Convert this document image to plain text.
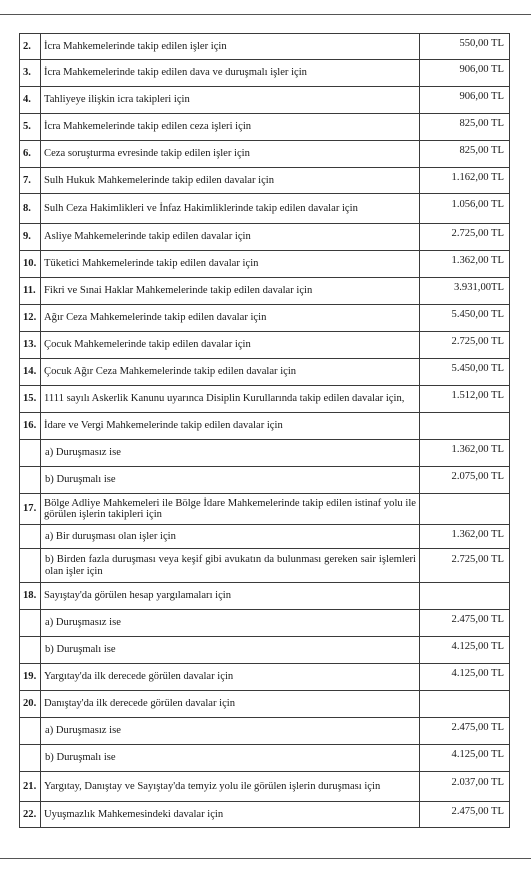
2.	İcra Mahkemelerinde takip edilen işler için	550,00 TL
3.	İcra Mahkemelerinde takip edilen dava ve duruşmalı işler için	906,00 TL
4.	Tahliyeye ilişkin icra takipleri için	906,00 TL
5.	İcra Mahkemelerinde takip edilen ceza işleri için	825,00 TL
6.	Ceza soruşturma evresinde takip edilen işler için	825,00 TL
7.	Sulh Hukuk Mahkemelerinde takip edilen davalar için	1.162,00 TL
8.	Sulh Ceza Hakimlikleri ve İnfaz Hakimliklerinde takip edilen davalar için	1.056,00 TL
9.	Asliye Mahkemelerinde takip edilen davalar için	2.725,00 TL
10.	Tüketici Mahkemelerinde takip edilen davalar için	1.362,00 TL
11.	Fikri ve Sınai Haklar Mahkemelerinde takip edilen davalar için	3.931,00TL
12.	Ağır Ceza Mahkemelerinde takip edilen davalar için	5.450,00 TL
13.	Çocuk Mahkemelerinde takip edilen davalar için	2.725,00 TL
14.	Çocuk Ağır Ceza Mahkemelerinde takip edilen davalar için	5.450,00 TL
15.	1111 sayılı Askerlik Kanunu uyarınca Disiplin Kurullarında takip edilen davalar için,	1.512,00 TL
16.	İdare ve Vergi Mahkemelerinde takip edilen davalar için	
	a) Duruşmasız ise	1.362,00 TL
	b) Duruşmalı ise	2.075,00 TL
17.	Bölge Adliye Mahkemeleri ile Bölge İdare Mahkemelerinde takip edilen istinaf yolu ile görülen işlerin takipleri için	
	a) Bir duruşması olan işler için	1.362,00 TL
	b) Birden fazla duruşması veya keşif gibi avukatın da bulunması gereken sair işlemleri olan işler için	2.725,00 TL
18.	Sayıştay'da görülen hesap yargılamaları için	
	a) Duruşmasız ise	2.475,00 TL
	b) Duruşmalı ise	4.125,00 TL
19.	Yargıtay'da ilk derecede görülen davalar için	4.125,00 TL
20.	Danıştay'da ilk derecede görülen davalar için	
	a) Duruşmasız ise	2.475,00 TL
	b) Duruşmalı ise	4.125,00 TL
21.	Yargıtay, Danıştay ve Sayıştay'da temyiz yolu ile görülen işlerin duruşması için	2.037,00 TL
22.	Uyuşmazlık Mahkemesindeki davalar için	2.475,00 TL
